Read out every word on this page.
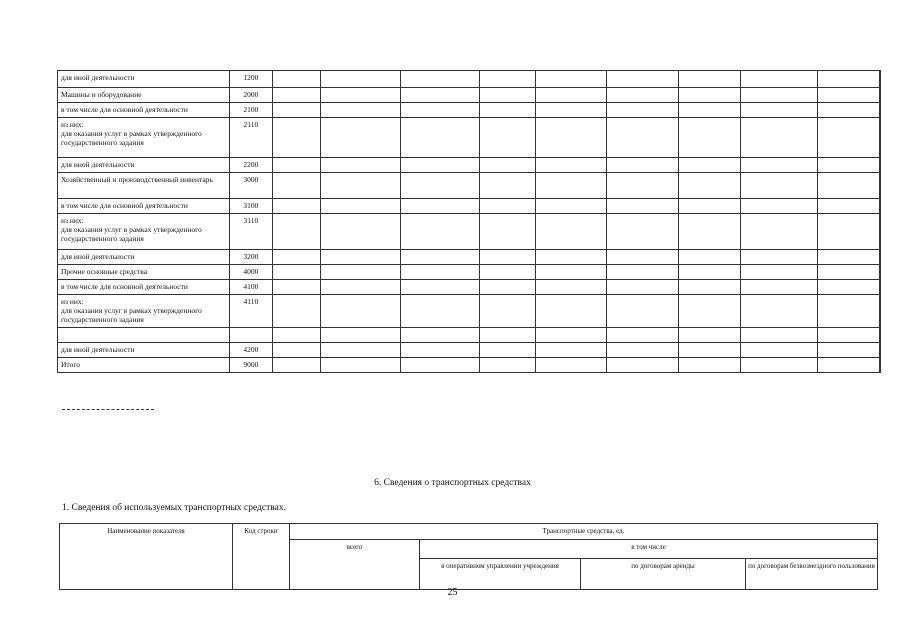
для иной деятельности	1200										
Машины и оборудование	2000										
в том числе для основной деятельности	2100										
из них:
для оказания услуг в рамках утвержденного государственного задания	2110										
для иной деятельности	2200										
Хозяйственный и производственный инвентарь	3000										
в том числе для основной деятельности	3100										
из них:
для оказания услуг в рамках утвержденного государственного задания	3110										
для иной деятельности	3200										
Прочие основные средства	4000										
в том числе для основной деятельности	4100										
из них:
для оказания услуг в рамках утвержденного государственного задания	4110										

для иной деятельности	4200										
Итого	9000										
6. Сведения о транспортных средствах
1. Сведения об используемых транспортных средствах.
Наименование показателя	Код строки	Транспортные средства, ед.			
		всего	в том числе		
			в оперативном управлении учреждения	по договорам аренды	по договорам безвозмездного пользования
25
